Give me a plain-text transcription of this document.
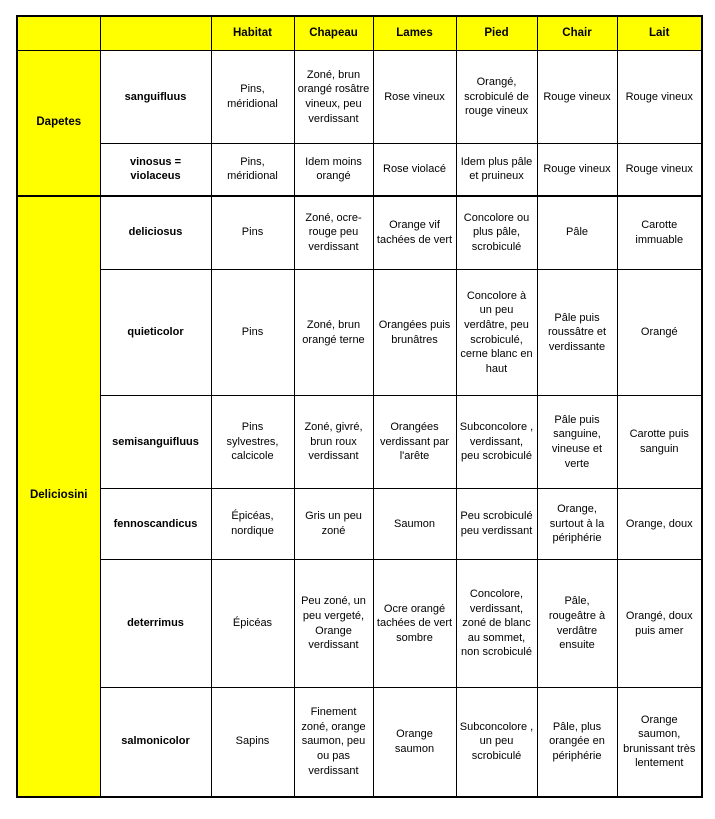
		Habitat	Chapeau	Lames	Pied	Chair	Lait
Dapetes	sanguifluus	Pins, méridional	Zoné, brun orangé rosâtre vineux, peu verdissant	Rose vineux	Orangé, scrobiculé de rouge vineux	Rouge vineux	Rouge vineux
	vinosus = violaceus	Pins, méridional	Idem moins orangé	Rose violacé	Idem plus pâle et pruineux	Rouge vineux	Rouge vineux
Deliciosini	deliciosus	Pins	Zoné, ocre-rouge peu verdissant	Orange vif tachées de vert	Concolore ou plus pâle, scrobiculé	Pâle	Carotte immuable
	quieticolor	Pins	Zoné, brun orangé terne	Orangées puis brunâtres	Concolore à un peu verdâtre, peu scrobiculé, cerne blanc en haut	Pâle puis roussâtre et verdissante	Orangé
	semisanguifluus	Pins sylvestres, calcicole	Zoné, givré, brun roux verdissant	Orangées verdissant par l'arête	Subconcolore , verdissant, peu scrobiculé	Pâle puis sanguine, vineuse et verte	Carotte puis sanguin
	fennoscandicus	Épicéas, nordique	Gris un peu zoné	Saumon	Peu scrobiculé peu verdissant	Orange, surtout à la périphérie	Orange, doux
	deterrimus	Épicéas	Peu zoné, un peu vergeté, Orange verdissant	Ocre orangé tachées de vert sombre	Concolore, verdissant, zoné de blanc au sommet, non scrobiculé	Pâle, rougeâtre à verdâtre ensuite	Orangé, doux puis amer
	salmonicolor	Sapins	Finement zoné, orange saumon, peu ou pas verdissant	Orange saumon	Subconcolore , un peu scrobiculé	Pâle, plus orangée en périphérie	Orange saumon, brunissant très lentement
